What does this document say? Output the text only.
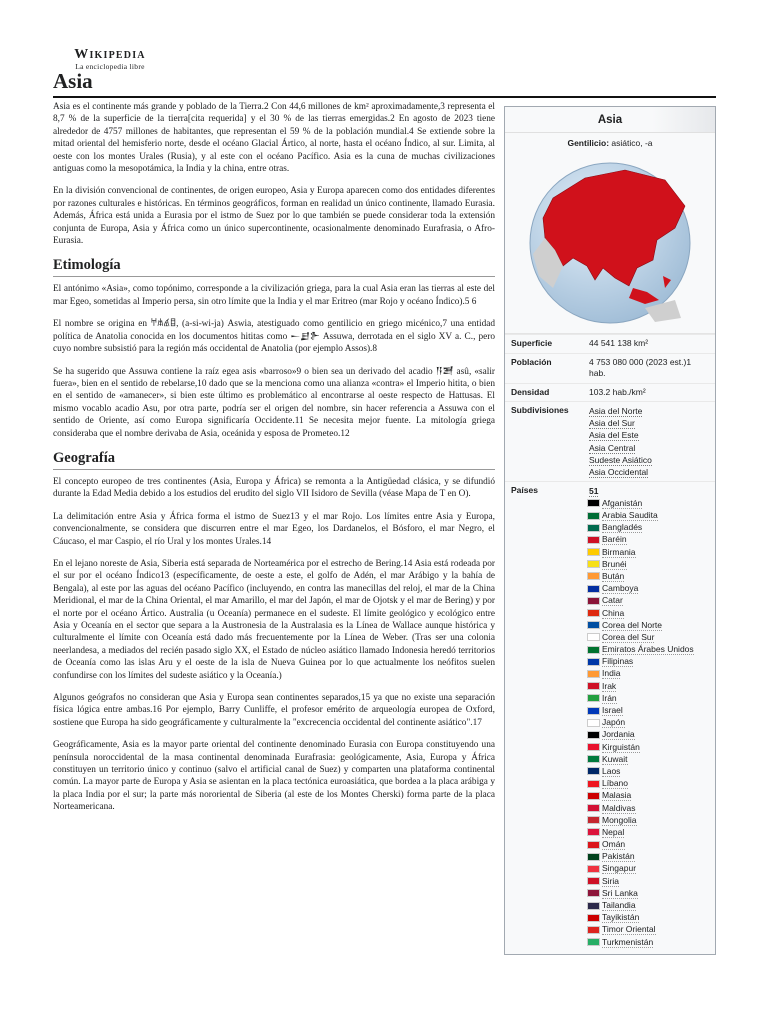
Wikipedia
La enciclopedia libre
Asia

Asia es el continente más grande y poblado de la Tierra.2 Con 44,6 millones de km² aproximadamente,3 representa el 8,7 % de la superficie de la tierra[cita requerida] y el 30 % de las tierras emergidas.2 En agosto de 2023 tiene alrededor de 4757 millones de habitantes, que representan el 59 % de la población mundial.4 Se extiende sobre la mitad oriental del hemisferio norte, desde el océano Glacial Ártico, al norte, hasta el océano Índico, al sur. Limita, al oeste con los montes Urales (Rusia), y al este con el océano Pacífico. Asia es la cuna de muchas civilizaciones antiguas como la mesopotámica, la India y la china, entre otras.

En la división convencional de continentes, de origen europeo, Asia y Europa aparecen como dos entidades diferentes por razones culturales e históricas. En términos geográficos, forman en realidad un único continente, llamado Eurasia. Además, África está unida a Eurasia por el istmo de Suez por lo que también se puede considerar toda la extensión conjunta de Europa, Asia y África como un único supercontinente, ocasionalmente denominado Eurafrasia, o Afro-Eurasia.

Etimología

El antónimo «Asia», como topónimo, corresponde a la civilización griega, para la cual Asia eran las tierras al este del mar Egeo, sometidas al Imperio persa, sin otro límite que la India y el mar Eritreo (mar Rojo y océano Índico).5 6

El nombre se origina en 𐀀𐀯𐀹𐀊, (a-si-wi-ja) Aswia, atestiguado como gentilicio en griego micénico,7 una entidad política de Anatolia conocida en los documentos hititas como 𒀸𒋗𒉿 Assuwa, derrotada en el siglo XV a. C., pero cuyo nombre subsistió para la región más occidental de Anatolia (por ejemplo Assos).8

Se ha sugerido que Assuwa contiene la raíz egea asis «barroso»9 o bien sea un derivado del acadio 𒀀𒍪 asû, «salir fuera», bien en el sentido de rebelarse,10 dado que se la menciona como una alianza «contra» el Imperio hitita, o bien en el sentido de «amanecer», si bien este último es problemático al encontrarse al oeste respecto de Hattusas. El mismo vocablo acadio Asu, por otra parte, podría ser el origen del nombre, sin hacer referencia a Assuwa con el sentido de Oriente, así como Europa significaría Occidente.11 Se necesita mejor fuente. La mitología griega consideraba que el nombre derivaba de Asia, oceánida y esposa de Prometeo.12

Geografía

El concepto europeo de tres continentes (Asia, Europa y África) se remonta a la Antigüedad clásica, y se difundió durante la Edad Media debido a los estudios del erudito del siglo VII Isidoro de Sevilla (véase Mapa de T en O).

La delimitación entre Asia y África forma el istmo de Suez13 y el mar Rojo. Los límites entre Asia y Europa, convencionalmente, se considera que discurren entre el mar Egeo, los Dardanelos, el Bósforo, el mar Negro, el Cáucaso, el mar Caspio, el río Ural y los montes Urales.14

En el lejano noreste de Asia, Siberia está separada de Norteamérica por el estrecho de Bering.14 Asia está rodeada por el sur por el océano Índico13 (específicamente, de oeste a este, el golfo de Adén, el mar Arábigo y la bahía de Bengala), al este por las aguas del océano Pacífico (incluyendo, en contra las manecillas del reloj, el mar de la China Meridional, el mar de la China Oriental, el mar Amarillo, el mar del Japón, el mar de Ojotsk y el mar de Bering) y por el norte por el océano Ártico. Australia (u Oceanía) permanece en el sudeste. El límite geológico y ecológico entre Asia y Oceanía en el sector que separa a la Austronesia de la Australasia es la Línea de Wallace aunque histórica y culturalmente el límite con Oceanía está dado más frecuentemente por la Línea de Weber. (Tras ser una colonia neerlandesa, a mediados del recién pasado siglo XX, el Estado de núcleo asiático llamado Indonesia heredó territorios de Oceanía como las islas Aru y el oeste de la isla de Nueva Guinea por lo que actualmente los neófitos suelen confundirse con los límites del sudeste asiático y la Oceanía.)

Algunos geógrafos no consideran que Asia y Europa sean continentes separados,15 ya que no existe una separación física lógica entre ambas.16 Por ejemplo, Barry Cunliffe, el profesor emérito de arqueología europea de Oxford, sostiene que Europa ha sido geográficamente y culturalmente la "excrecencia occidental del continente asiático".17

Geográficamente, Asia es la mayor parte oriental del continente denominado Eurasia con Europa constituyendo una península noroccidental de la masa continental denominada Eurafrasia: geológicamente, Asia, Europa y África constituyen un territorio único y continuo (salvo el artificial canal de Suez) y comparten una plataforma continental común. La mayor parte de Europa y Asia se asientan en la placa tectónica euroasiática, que bordea a la placa arábiga y la placa India por el sur; la parte más nororiental de Siberia (al este de los Montes Cherski) forma parte de la placa Norteamericana.

Asia
Gentilicio: asiático, -a
Superficie	44 541 138 km²
Población	4 753 080 000 (2023 est.)1 hab.
Densidad	103.2 hab./km²
Subdivisiones	Asia del Norte
Asia del Sur
Asia del Este
Asia Central
Sudeste Asiático
Asia Occidental
Países	51
Afganistán
Arabia Saudita
Bangladés
Baréin
Birmania
Brunéi
Bután
Camboya
Catar
China
Corea del Norte
Corea del Sur
Emiratos Árabes Unidos
Filipinas
India
Irak
Irán
Israel
Japón
Jordania
Kirguistán
Kuwait
Laos
Líbano
Malasia
Maldivas
Mongolia
Nepal
Omán
Pakistán
Singapur
Siria
Sri Lanka
Tailandia
Tayikistán
Timor Oriental
Turkmenistán
